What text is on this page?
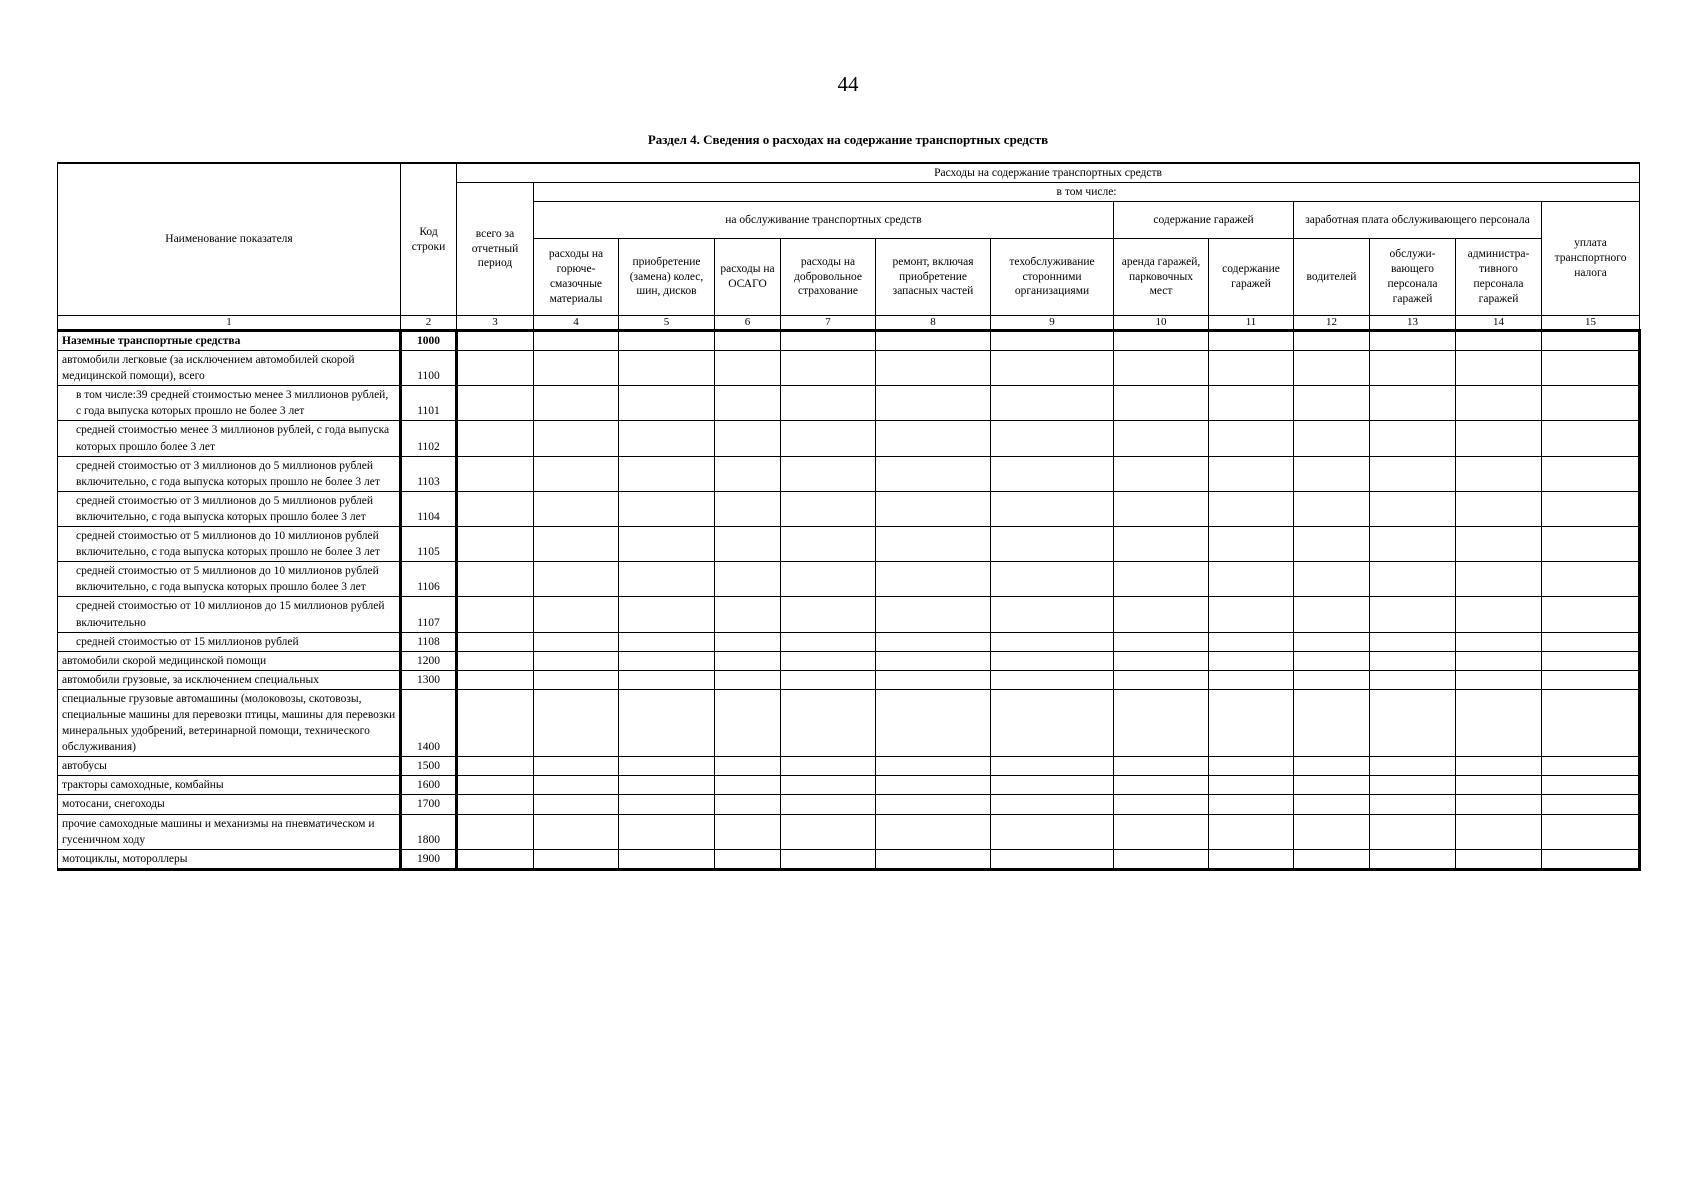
44
Раздел 4. Сведения о расходах на содержание транспортных средств
Наименование показателя	Код строки	Расходы на содержание транспортных средств												
		всего за отчетный период	в том числе:											
			на обслуживание транспортных средств						содержание гаражей		заработная плата обслуживающего персонала			уплата транспортного налога
			расходы на горюче-смазочные материалы	приобретение (замена) колес, шин, дисков	расходы на ОСАГО	расходы на добровольное страхование	ремонт, включая приобретение запасных частей	техобслуживание сторонними организациями	аренда гаражей, парковочных мест	содержание гаражей	водителей	обслужи-вающего персонала гаражей	администра-тивного персонала гаражей	
1	2	3	4	5	6	7	8	9	10	11	12	13	14	15
Наземные транспортные средства	1000													
автомобили легковые (за исключением автомобилей скорой медицинской помощи), всего	1100													
в том числе:39 средней стоимостью менее 3 миллионов рублей, с года выпуска которых прошло не более 3 лет	1101													
средней стоимостью менее 3 миллионов рублей, с года выпуска которых прошло более 3 лет	1102													
средней стоимостью от 3 миллионов до 5 миллионов рублей включительно, с года выпуска которых прошло не более 3 лет	1103													
средней стоимостью от 3 миллионов до 5 миллионов рублей включительно, с года выпуска которых прошло более 3 лет	1104													
средней стоимостью от 5 миллионов до 10 миллионов рублей включительно, с года выпуска которых прошло не более 3 лет	1105													
средней стоимостью от 5 миллионов до 10 миллионов рублей включительно, с года выпуска которых прошло более 3 лет	1106													
средней стоимостью от 10 миллионов до 15 миллионов рублей включительно	1107													
средней стоимостью от 15 миллионов рублей	1108													
автомобили скорой медицинской помощи	1200													
автомобили грузовые, за исключением специальных	1300													
специальные грузовые автомашины (молоковозы, скотовозы, специальные машины для перевозки птицы, машины для перевозки минеральных удобрений, ветеринарной помощи, технического обслуживания)	1400													
автобусы	1500													
тракторы самоходные, комбайны	1600													
мотосани, снегоходы	1700													
прочие самоходные машины и механизмы на пневматическом и гусеничном ходу	1800													
мотоциклы, мотороллеры	1900													
